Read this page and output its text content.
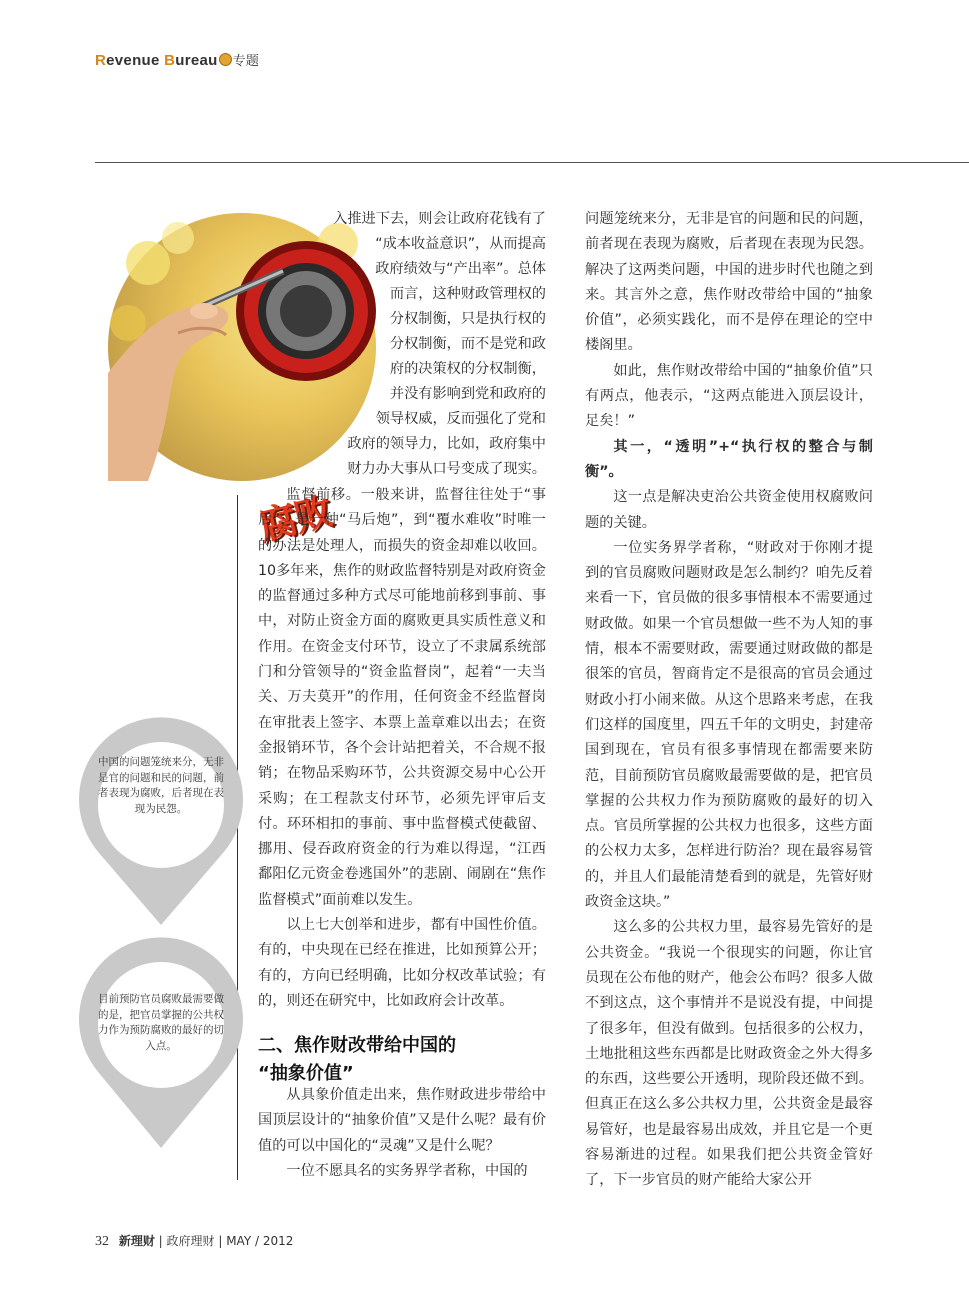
Revenue Bureau 专题
腐败
入推进下去，则会让政府花钱有了
“成本收益意识”，从而提高
政府绩效与“产出率”。总体
而言，这种财政管理权的
分权制衡，只是执行权的
分权制衡，而不是党和政
府的决策权的分权制衡，
并没有影响到党和政府的
领导权威，反而强化了党和
政府的领导力，比如，政府集中
财力办大事从口号变成了现实。

监督前移。一般来讲，监督往往处于“事后”，是一种“马后炮”，到“覆水难收”时唯一的办法是处理人，而损失的资金却难以收回。10多年来，焦作的财政监督特别是对政府资金的监督通过多种方式尽可能地前移到事前、事中，对防止资金方面的腐败更具实质性意义和作用。在资金支付环节，设立了不隶属系统部门和分管领导的“资金监督岗”，起着“一夫当关、万夫莫开”的作用，任何资金不经监督岗在审批表上签字、本票上盖章难以出去；在资金报销环节，各个会计站把着关，不合规不报销；在物品采购环节，公共资源交易中心公开采购；在工程款支付环节，必须先评审后支付。环环相扣的事前、事中监督模式使截留、挪用、侵吞政府资金的行为难以得逞，“江西鄱阳亿元资金卷逃国外”的悲剧、闹剧在“焦作监督模式”面前难以发生。

以上七大创举和进步，都有中国性价值。有的，中央现在已经在推进，比如预算公开；有的，方向已经明确，比如分权改革试验；有的，则还在研究中，比如政府会计改革。

二、焦作财改带给中国的
“抽象价值”

从具象价值走出来，焦作财政进步带给中国顶层设计的“抽象价值”又是什么呢？最有价值的可以中国化的“灵魂”又是什么呢？

一位不愿具名的实务界学者称，中国的

问题笼统来分，无非是官的问题和民的问题，前者现在表现为腐败，后者现在表现为民怨。解决了这两类问题，中国的进步时代也随之到来。其言外之意，焦作财改带给中国的“抽象价值”，必须实践化，而不是停在理论的空中楼阁里。

如此，焦作财改带给中国的“抽象价值”只有两点，他表示，“这两点能进入顶层设计，足矣！”

其一，“透明”+“执行权的整合与制衡”。

这一点是解决吏治公共资金使用权腐败问题的关键。

一位实务界学者称，“财政对于你刚才提到的官员腐败问题财政是怎么制约？咱先反着来看一下，官员做的很多事情根本不需要通过财政做。如果一个官员想做一些不为人知的事情，根本不需要财政，需要通过财政做的都是很笨的官员，智商肯定不是很高的官员会通过财政小打小闹来做。从这个思路来考虑，在我们这样的国度里，四五千年的文明史，封建帝国到现在，官员有很多事情现在都需要来防范，目前预防官员腐败最需要做的是，把官员掌握的公共权力作为预防腐败的最好的切入点。官员所掌握的公共权力也很多，这些方面的公权力太多，怎样进行防治？现在最容易管的，并且人们最能清楚看到的就是，先管好财政资金这块。”

这么多的公共权力里，最容易先管好的是公共资金。“我说一个很现实的问题，你让官员现在公布他的财产，他会公布吗？很多人做不到这点，这个事情并不是说没有提，中间提了很多年，但没有做到。包括很多的公权力，土地批租这些东西都是比财政资金之外大得多的东西，这些要公开透明，现阶段还做不到。但真正在这么多公共权力里，公共资金是最容易管好，也是最容易出成效，并且它是一个更容易渐进的过程。如果我们把公共资金管好了，下一步官员的财产能给大家公开

中国的问题笼统来分，无非是官的问题和民的问题，前者表现为腐败，后者现在表现为民怨。
目前预防官员腐败最需要做的是，把官员掌握的公共权力作为预防腐败的最好的切入点。
32 新理财 | 政府理财 | MAY / 2012
